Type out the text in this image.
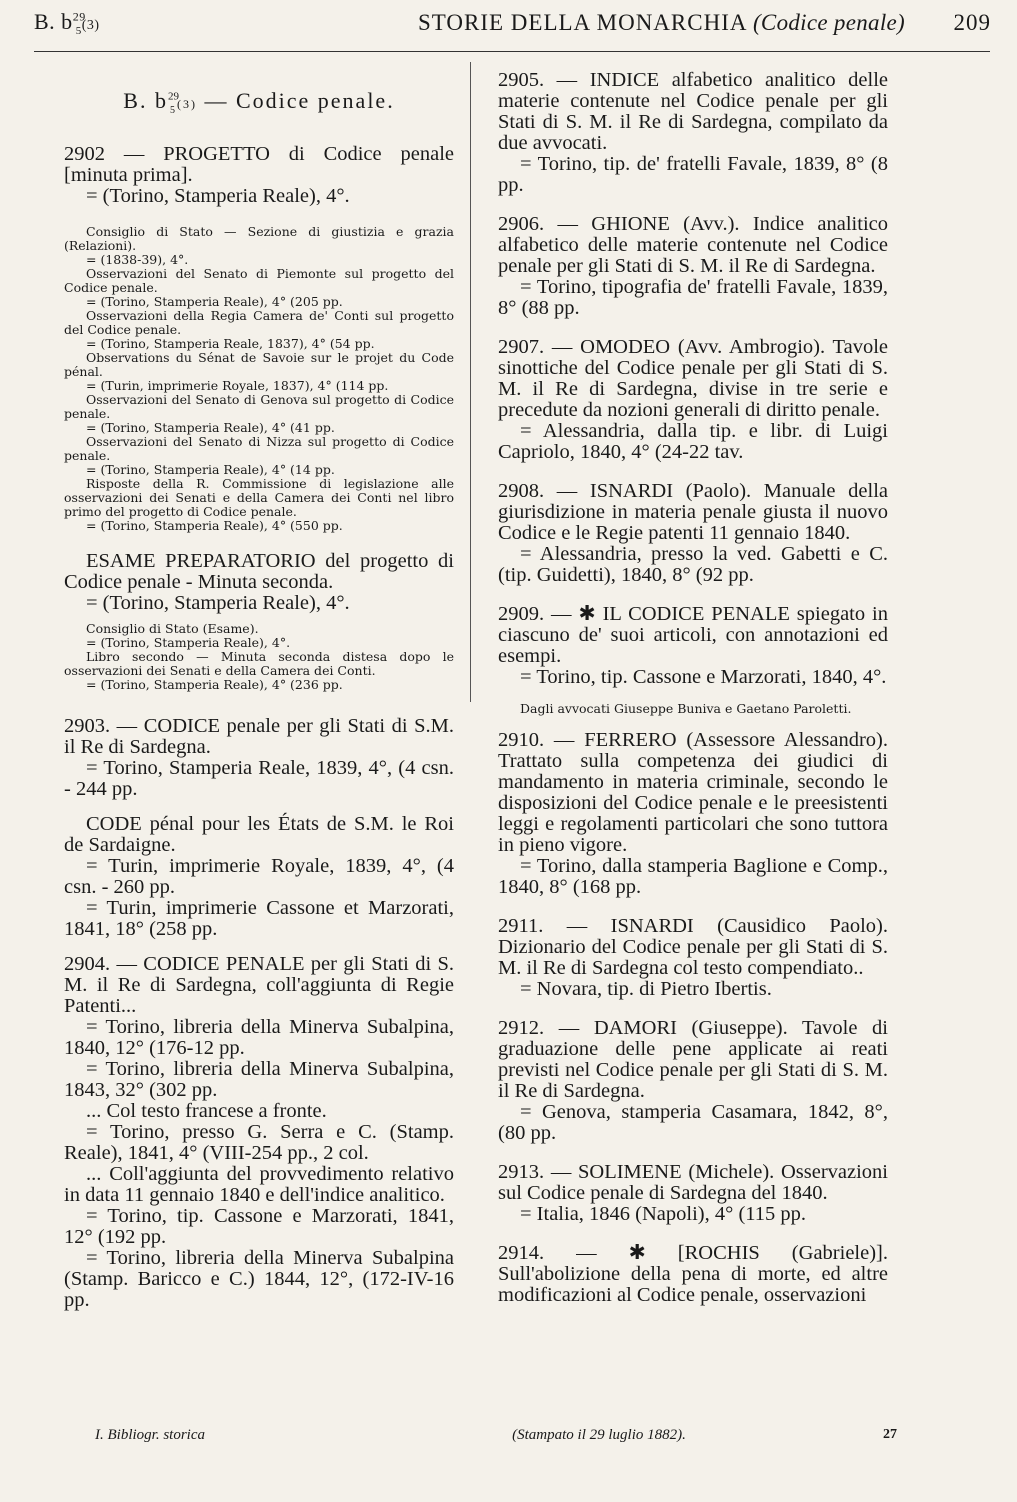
B. $b^{29}_5(3)$	STORIE DELLA MONARCHIA (Codice penale) 209
B. $b^{29}_5(3)$ — Codice penale.

2902 — PROGETTO di Codice penale [minuta prima].

= (Torino, Stamperia Reale), 4°.

Consiglio di Stato — Sezione di giustizia e grazia (Relazioni).

= (1838-39), 4°.

Osservazioni del Senato di Piemonte sul progetto del Codice penale.

= (Torino, Stamperia Reale), 4° (205 pp.

Osservazioni della Regia Camera de' Conti sul progetto del Codice penale.

= (Torino, Stamperia Reale, 1837), 4° (54 pp.

Observations du Sénat de Savoie sur le projet du Code pénal.

= (Turin, imprimerie Royale, 1837), 4° (114 pp.

Osservazioni del Senato di Genova sul progetto di Codice penale.

= (Torino, Stamperia Reale), 4° (41 pp.

Osservazioni del Senato di Nizza sul progetto di Codice penale.

= (Torino, Stamperia Reale), 4° (14 pp.

Risposte della R. Commissione di legislazione alle osservazioni dei Senati e della Camera dei Conti nel libro primo del progetto di Codice penale.

= (Torino, Stamperia Reale), 4° (550 pp.

ESAME PREPARATORIO del progetto di Codice penale - Minuta seconda.

= (Torino, Stamperia Reale), 4°.

Consiglio di Stato (Esame).

= (Torino, Stamperia Reale), 4°.

Libro secondo — Minuta seconda distesa dopo le osservazioni dei Senati e della Camera dei Conti.

= (Torino, Stamperia Reale), 4° (236 pp.

2903. — CODICE penale per gli Stati di S.M. il Re di Sardegna.

= Torino, Stamperia Reale, 1839, 4°, (4 csn. - 244 pp.

CODE pénal pour les États de S.M. le Roi de Sardaigne.

= Turin, imprimerie Royale, 1839, 4°, (4 csn. - 260 pp.

= Turin, imprimerie Cassone et Marzorati, 1841, 18° (258 pp.

2904. — CODICE PENALE per gli Stati di S. M. il Re di Sardegna, coll'aggiunta di Regie Patenti...

= Torino, libreria della Minerva Subalpina, 1840, 12° (176-12 pp.

= Torino, libreria della Minerva Subalpina, 1843, 32° (302 pp.

... Col testo francese a fronte.

= Torino, presso G. Serra e C. (Stamp. Reale), 1841, 4° (VIII-254 pp., 2 col.

... Coll'aggiunta del provvedimento relativo in data 11 gennaio 1840 e dell'indice analitico.

= Torino, tip. Cassone e Marzorati, 1841, 12° (192 pp.

= Torino, libreria della Minerva Subalpina (Stamp. Baricco e C.) 1844, 12°, (172-IV-16 pp.

2905. — INDICE alfabetico analitico delle materie contenute nel Codice penale per gli Stati di S. M. il Re di Sardegna, compilato da due avvocati.

= Torino, tip. de' fratelli Favale, 1839, 8° (8 pp.

2906. — GHIONE (Avv.). Indice analitico alfabetico delle materie contenute nel Codice penale per gli Stati di S. M. il Re di Sardegna.

= Torino, tipografia de' fratelli Favale, 1839, 8° (88 pp.

2907. — OMODEO (Avv. Ambrogio). Tavole sinottiche del Codice penale per gli Stati di S. M. il Re di Sardegna, divise in tre serie e precedute da nozioni generali di diritto penale.

= Alessandria, dalla tip. e libr. di Luigi Capriolo, 1840, 4° (24-22 tav.

2908. — ISNARDI (Paolo). Manuale della giurisdizione in materia penale giusta il nuovo Codice e le Regie patenti 11 gennaio 1840.

= Alessandria, presso la ved. Gabetti e C. (tip. Guidetti), 1840, 8° (92 pp.

2909. — ✱ IL CODICE PENALE spiegato in ciascuno de' suoi articoli, con annotazioni ed esempi.

= Torino, tip. Cassone e Marzorati, 1840, 4°.

Dagli avvocati Giuseppe Buniva e Gaetano Paroletti.

2910. — FERRERO (Assessore Alessandro). Trattato sulla competenza dei giudici di mandamento in materia criminale, secondo le disposizioni del Codice penale e le preesistenti leggi e regolamenti particolari che sono tuttora in pieno vigore.

= Torino, dalla stamperia Baglione e Comp., 1840, 8° (168 pp.

2911. — ISNARDI (Causidico Paolo). Dizionario del Codice penale per gli Stati di S. M. il Re di Sardegna col testo compendiato..

= Novara, tip. di Pietro Ibertis.

2912. — DAMORI (Giuseppe). Tavole di graduazione delle pene applicate ai reati previsti nel Codice penale per gli Stati di S. M. il Re di Sardegna.

= Genova, stamperia Casamara, 1842, 8°, (80 pp.

2913. — SOLIMENE (Michele). Osservazioni sul Codice penale di Sardegna del 1840.

= Italia, 1846 (Napoli), 4° (115 pp.

2914. — ✱ [ROCHIS (Gabriele)]. Sull'abolizione della pena di morte, ed altre modificazioni al Codice penale, osservazioni

I. Bibliogr. storica	(Stampato il 29 luglio 1882).	27
